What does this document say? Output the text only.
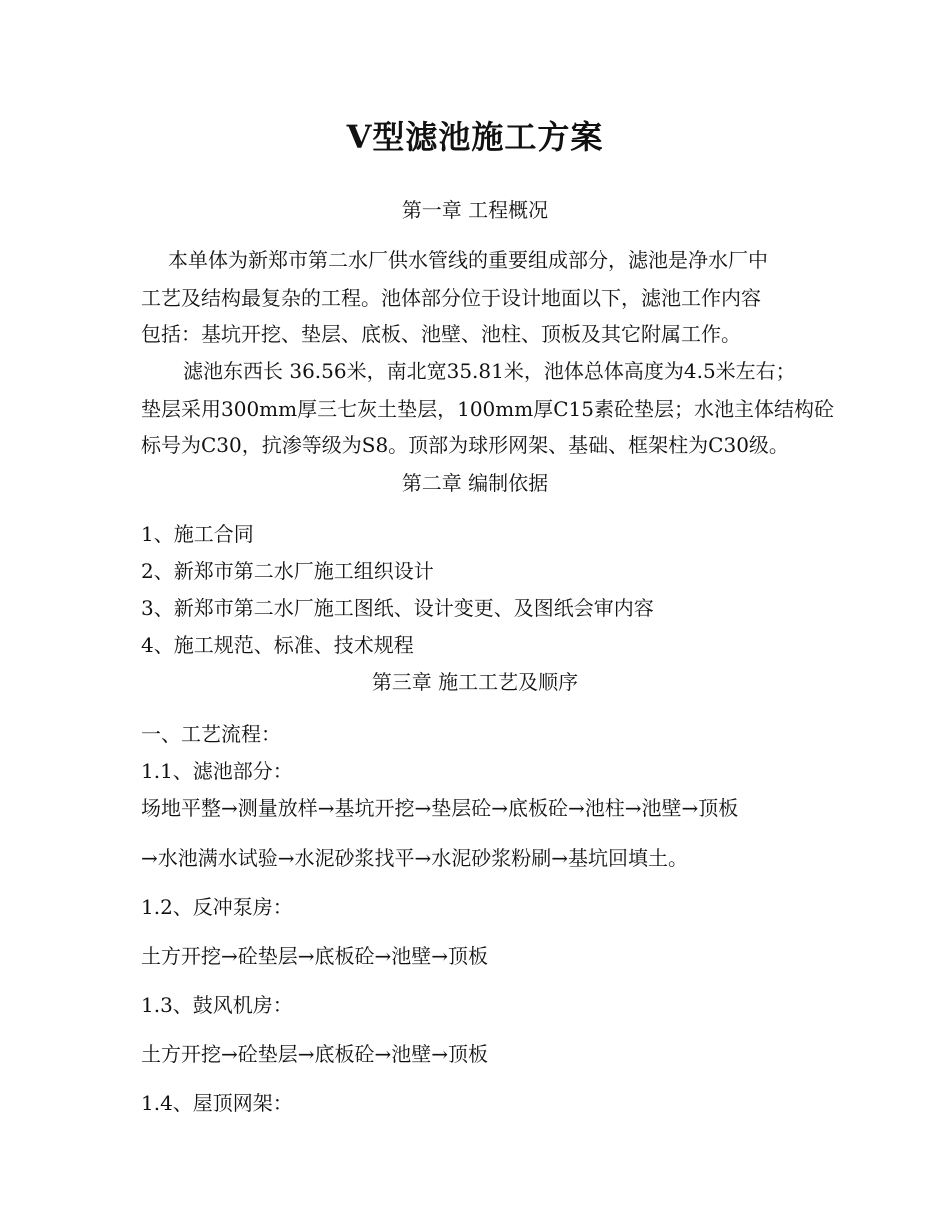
V型滤池施工方案
第一章 工程概况
本单体为新郑市第二水厂供水管线的重要组成部分，滤池是净水厂中
工艺及结构最复杂的工程。池体部分位于设计地面以下，滤池工作内容
包括：基坑开挖、垫层、底板、池壁、池柱、顶板及其它附属工作。
滤池东西长 36.56米，南北宽35.81米，池体总体高度为4.5米左右；
垫层采用300mm厚三七灰土垫层，100mm厚C15素砼垫层；水池主体结构砼
标号为C30，抗渗等级为S8。顶部为球形网架、基础、框架柱为C30级。
第二章 编制依据
1、施工合同
2、新郑市第二水厂施工组织设计
3、新郑市第二水厂施工图纸、设计变更、及图纸会审内容
4、施工规范、标准、技术规程
第三章 施工工艺及顺序
一、工艺流程：
1.1、滤池部分：
场地平整→测量放样→基坑开挖→垫层砼→底板砼→池柱→池壁→顶板
→水池满水试验→水泥砂浆找平→水泥砂浆粉刷→基坑回填土。
1.2、反冲泵房：
土方开挖→砼垫层→底板砼→池壁→顶板
1.3、鼓风机房：
土方开挖→砼垫层→底板砼→池壁→顶板
1.4、屋顶网架：
